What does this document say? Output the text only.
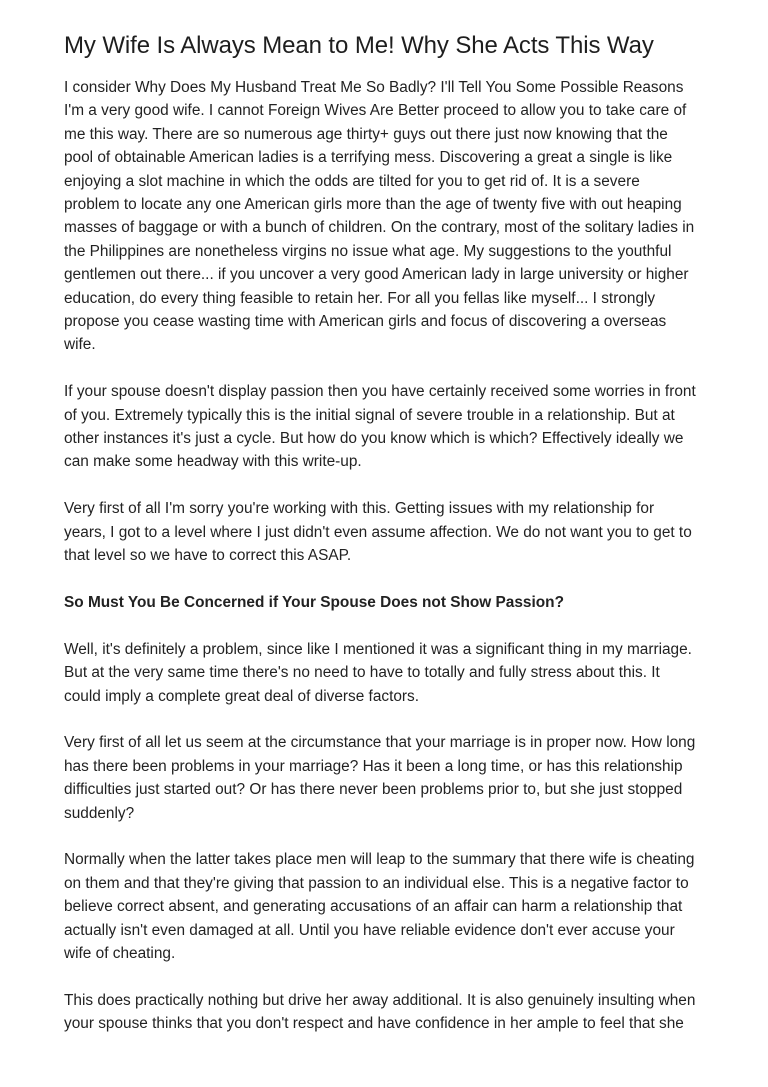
My Wife Is Always Mean to Me! Why She Acts This Way

I consider Why Does My Husband Treat Me So Badly? I'll Tell You Some Possible Reasons
I'm a very good wife. I cannot Foreign Wives Are Better proceed to allow you to take care of
me this way. There are so numerous age thirty+ guys out there just now knowing that the
pool of obtainable American ladies is a terrifying mess. Discovering a great a single is like
enjoying a slot machine in which the odds are tilted for you to get rid of. It is a severe
problem to locate any one American girls more than the age of twenty five with out heaping
masses of baggage or with a bunch of children. On the contrary, most of the solitary ladies in
the Philippines are nonetheless virgins no issue what age. My suggestions to the youthful
gentlemen out there... if you uncover a very good American lady in large university or higher
education, do every thing feasible to retain her. For all you fellas like myself... I strongly
propose you cease wasting time with American girls and focus of discovering a overseas
wife.

If your spouse doesn't display passion then you have certainly received some worries in front
of you. Extremely typically this is the initial signal of severe trouble in a relationship. But at
other instances it's just a cycle. But how do you know which is which? Effectively ideally we
can make some headway with this write-up.

Very first of all I'm sorry you're working with this. Getting issues with my relationship for
years, I got to a level where I just didn't even assume affection. We do not want you to get to
that level so we have to correct this ASAP.

So Must You Be Concerned if Your Spouse Does not Show Passion?

Well, it's definitely a problem, since like I mentioned it was a significant thing in my marriage.
But at the very same time there's no need to have to totally and fully stress about this. It
could imply a complete great deal of diverse factors.

Very first of all let us seem at the circumstance that your marriage is in proper now. How long
has there been problems in your marriage? Has it been a long time, or has this relationship
difficulties just started out? Or has there never been problems prior to, but she just stopped
suddenly?

Normally when the latter takes place men will leap to the summary that there wife is cheating
on them and that they're giving that passion to an individual else. This is a negative factor to
believe correct absent, and generating accusations of an affair can harm a relationship that
actually isn't even damaged at all. Until you have reliable evidence don't ever accuse your
wife of cheating.

This does practically nothing but drive her away additional. It is also genuinely insulting when
your spouse thinks that you don't respect and have confidence in her ample to feel that she
